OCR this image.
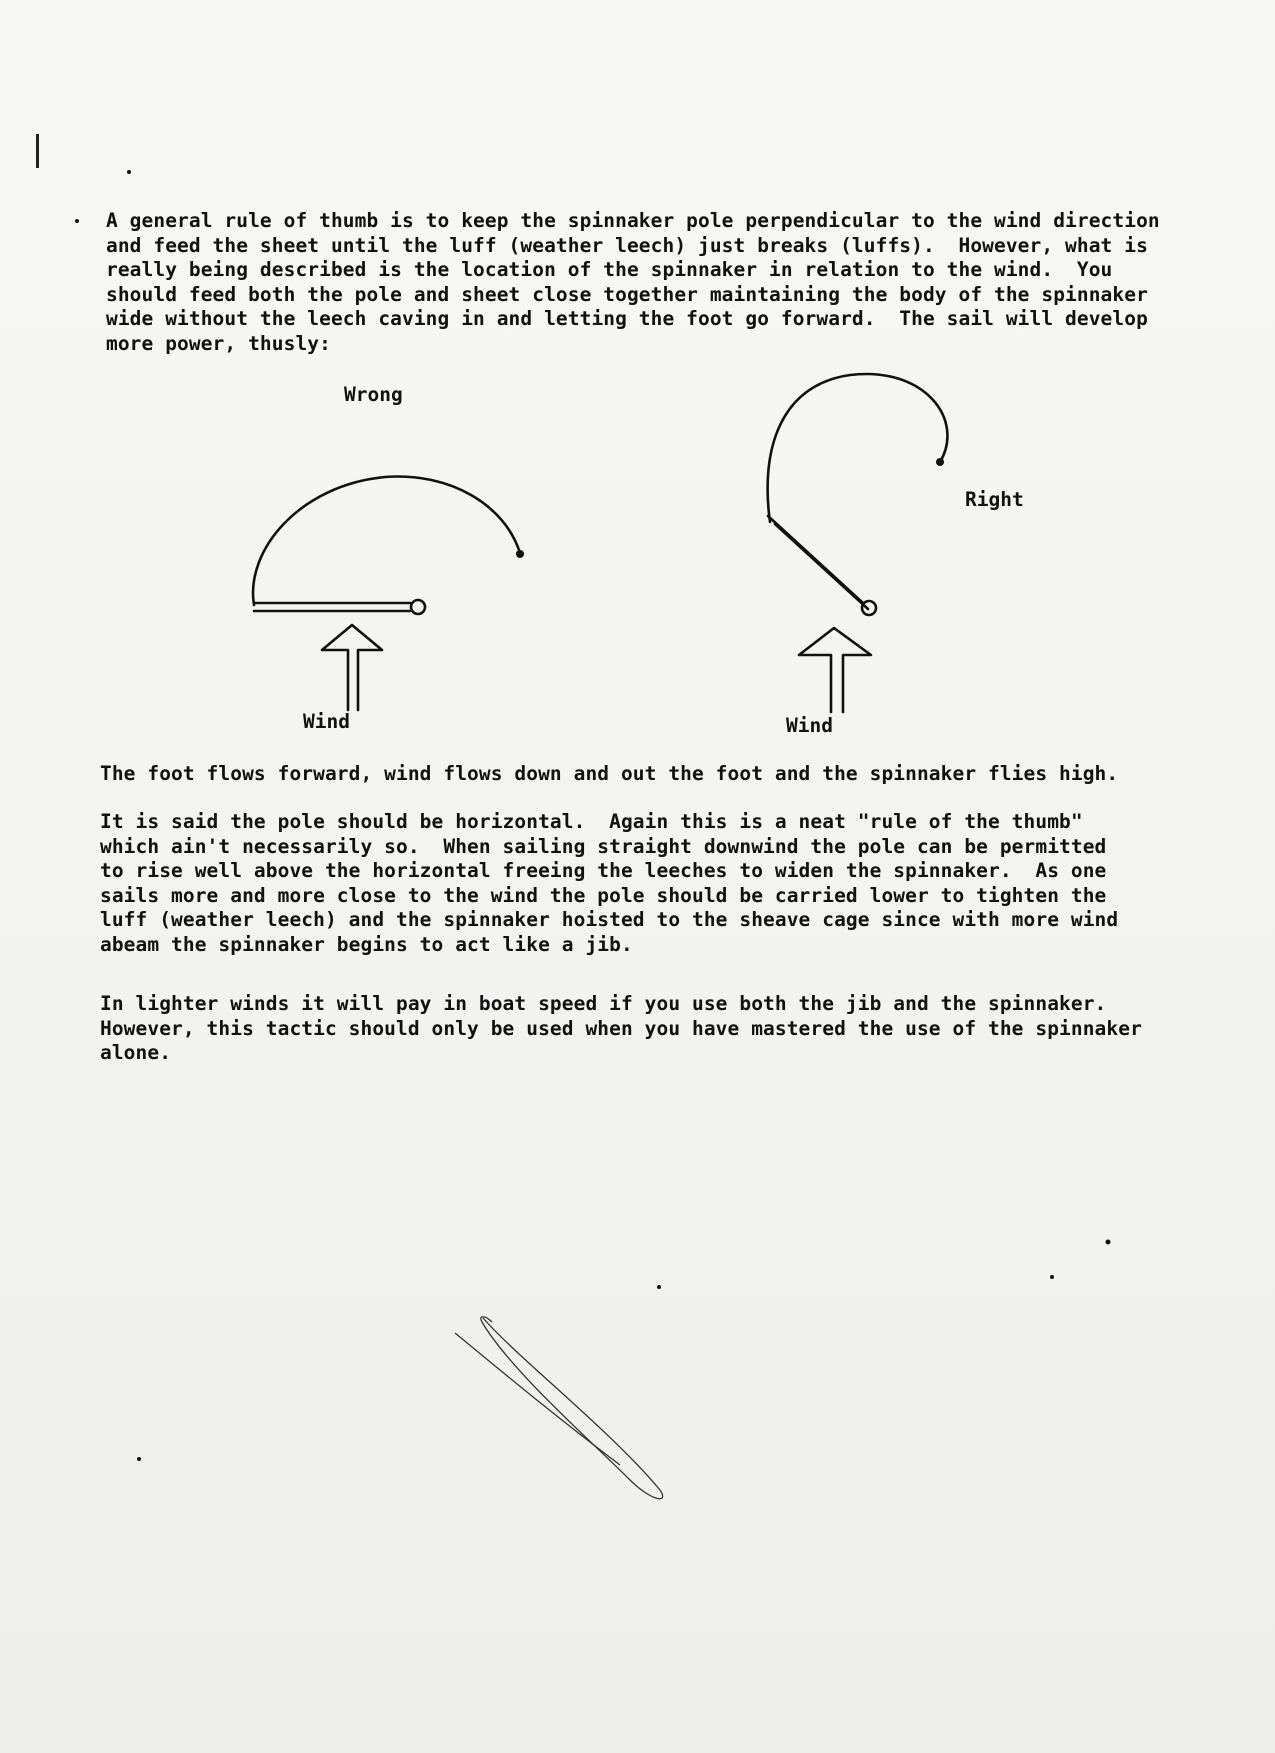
A general rule of thumb is to keep the spinnaker pole perpendicular to the wind direction
and feed the sheet until the luff (weather leech) just breaks (luffs).  However, what is
really being described is the location of the spinnaker in relation to the wind.  You
should feed both the pole and sheet close together maintaining the body of the spinnaker
wide without the leech caving in and letting the foot go forward.  The sail will develop
more power, thusly:

Wrong
Right
Wind	Wind

The foot flows forward, wind flows down and out the foot and the spinnaker flies high.

It is said the pole should be horizontal.  Again this is a neat "rule of the thumb"
which ain't necessarily so.  When sailing straight downwind the pole can be permitted
to rise well above the horizontal freeing the leeches to widen the spinnaker.  As one
sails more and more close to the wind the pole should be carried lower to tighten the
luff (weather leech) and the spinnaker hoisted to the sheave cage since with more wind
abeam the spinnaker begins to act like a jib.

In lighter winds it will pay in boat speed if you use both the jib and the spinnaker.
However, this tactic should only be used when you have mastered the use of the spinnaker
alone.
